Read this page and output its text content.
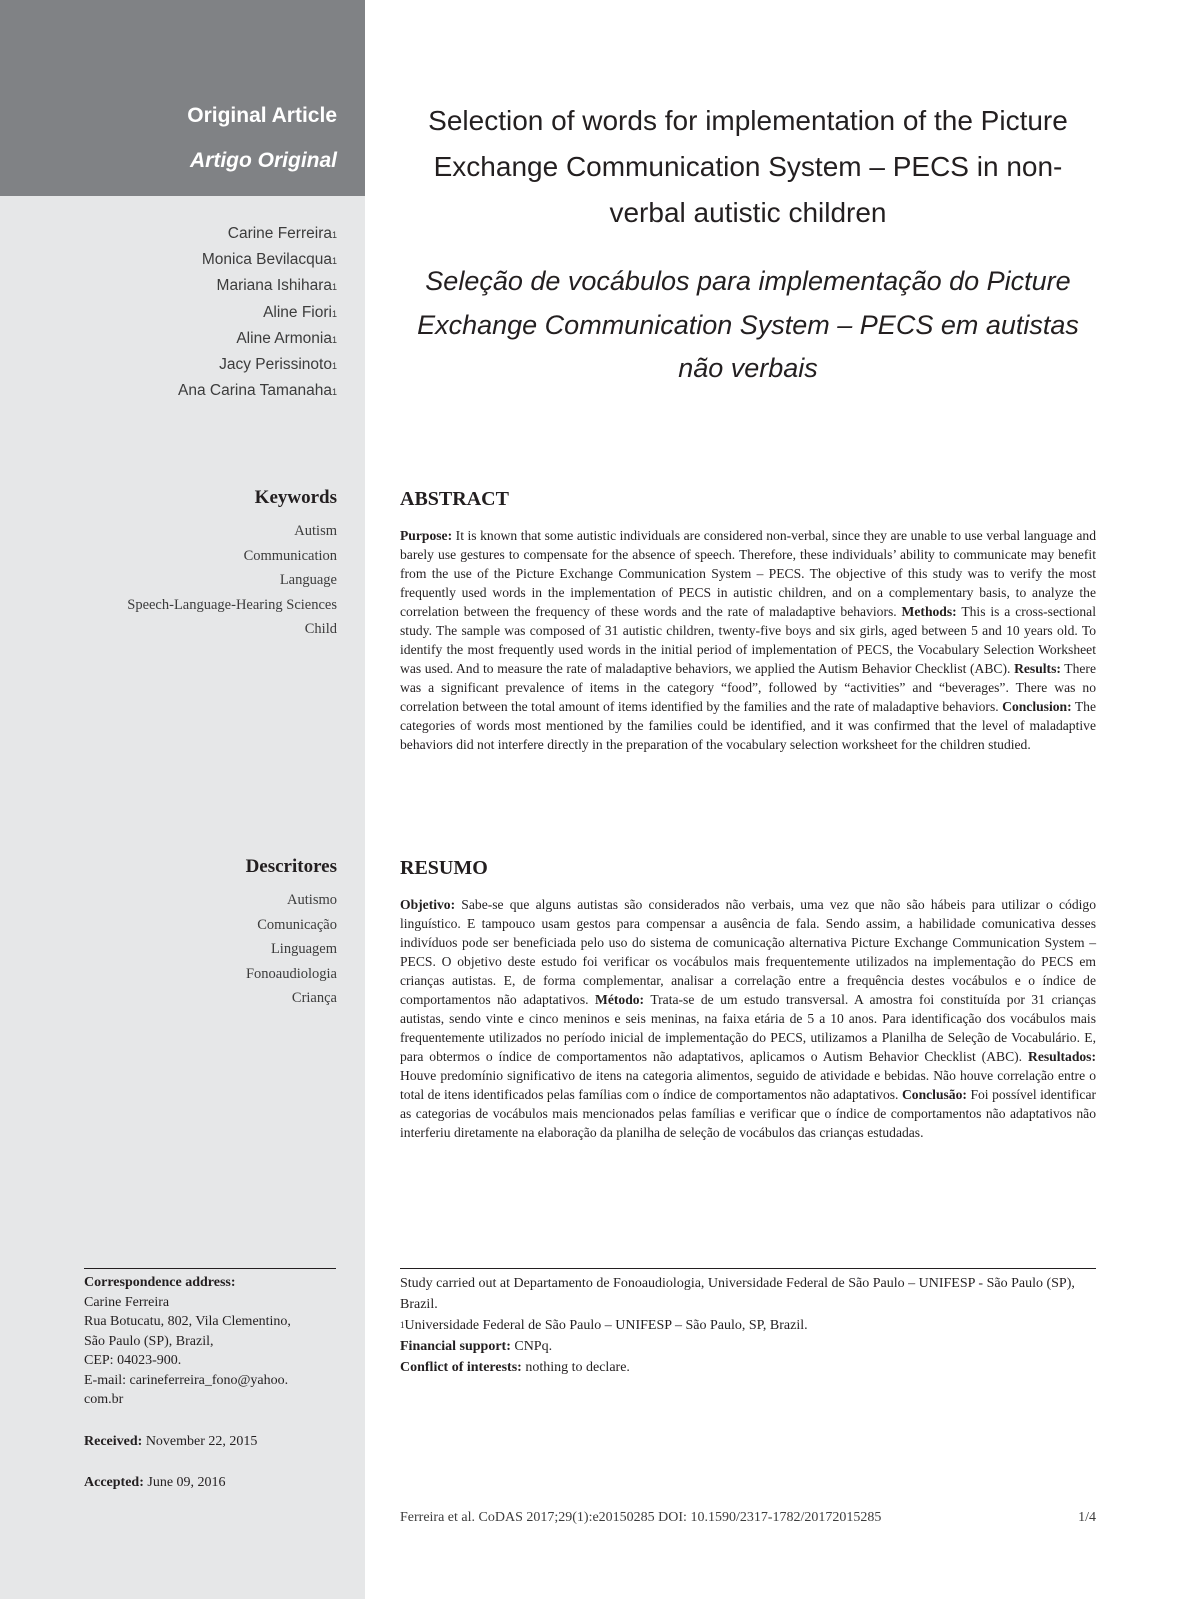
Original Article
Artigo Original
Carine Ferreira$^1$
Monica Bevilacqua$^1$
Mariana Ishihara$^1$
Aline Fiori$^1$
Aline Armonia$^1$
Jacy Perissinoto$^1$
Ana Carina Tamanaha$^1$
Keywords
Autism
Communication
Language
Speech-Language-Hearing Sciences
Child
Descritores
Autismo
Comunicação
Linguagem
Fonoaudiologia
Criança
Correspondence address:
Carine Ferreira
Rua Botucatu, 802, Vila Clementino,
São Paulo (SP), Brazil,
CEP: 04023-900.
E-mail: carineferreira_fono@yahoo.
com.br
Received: November 22, 2015
Accepted: June 09, 2016
Selection of words for implementation of the Picture Exchange Communication System – PECS in non-verbal autistic children
Seleção de vocábulos para implementação do Picture Exchange Communication System – PECS em autistas não verbais
ABSTRACT
Purpose: It is known that some autistic individuals are considered non-verbal, since they are unable to use verbal language and barely use gestures to compensate for the absence of speech. Therefore, these individuals’ ability to communicate may benefit from the use of the Picture Exchange Communication System – PECS. The objective of this study was to verify the most frequently used words in the implementation of PECS in autistic children, and on a complementary basis, to analyze the correlation between the frequency of these words and the rate of maladaptive behaviors. Methods: This is a cross-sectional study. The sample was composed of 31 autistic children, twenty-five boys and six girls, aged between 5 and 10 years old. To identify the most frequently used words in the initial period of implementation of PECS, the Vocabulary Selection Worksheet was used. And to measure the rate of maladaptive behaviors, we applied the Autism Behavior Checklist (ABC). Results: There was a significant prevalence of items in the category “food”, followed by “activities” and “beverages”. There was no correlation between the total amount of items identified by the families and the rate of maladaptive behaviors. Conclusion: The categories of words most mentioned by the families could be identified, and it was confirmed that the level of maladaptive behaviors did not interfere directly in the preparation of the vocabulary selection worksheet for the children studied.
RESUMO
Objetivo: Sabe-se que alguns autistas são considerados não verbais, uma vez que não são hábeis para utilizar o código linguístico. E tampouco usam gestos para compensar a ausência de fala. Sendo assim, a habilidade comunicativa desses indivíduos pode ser beneficiada pelo uso do sistema de comunicação alternativa Picture Exchange Communication System – PECS. O objetivo deste estudo foi verificar os vocábulos mais frequentemente utilizados na implementação do PECS em crianças autistas. E, de forma complementar, analisar a correlação entre a frequência destes vocábulos e o índice de comportamentos não adaptativos. Método: Trata-se de um estudo transversal. A amostra foi constituída por 31 crianças autistas, sendo vinte e cinco meninos e seis meninas, na faixa etária de 5 a 10 anos. Para identificação dos vocábulos mais frequentemente utilizados no período inicial de implementação do PECS, utilizamos a Planilha de Seleção de Vocabulário. E, para obtermos o índice de comportamentos não adaptativos, aplicamos o Autism Behavior Checklist (ABC). Resultados: Houve predomínio significativo de itens na categoria alimentos, seguido de atividade e bebidas. Não houve correlação entre o total de itens identificados pelas famílias com o índice de comportamentos não adaptativos. Conclusão: Foi possível identificar as categorias de vocábulos mais mencionados pelas famílias e verificar que o índice de comportamentos não adaptativos não interferiu diretamente na elaboração da planilha de seleção de vocábulos das crianças estudadas.

Study carried out at Departamento de Fonoaudiologia, Universidade Federal de São Paulo – UNIFESP - São Paulo (SP), Brazil.

$^1$Universidade Federal de São Paulo – UNIFESP – São Paulo, SP, Brazil.

Financial support: CNPq.

Conflict of interests: nothing to declare.

Ferreira et al. CoDAS 2017;29(1):e20150285 DOI: 10.1590/2317-1782/20172015285	1/4
